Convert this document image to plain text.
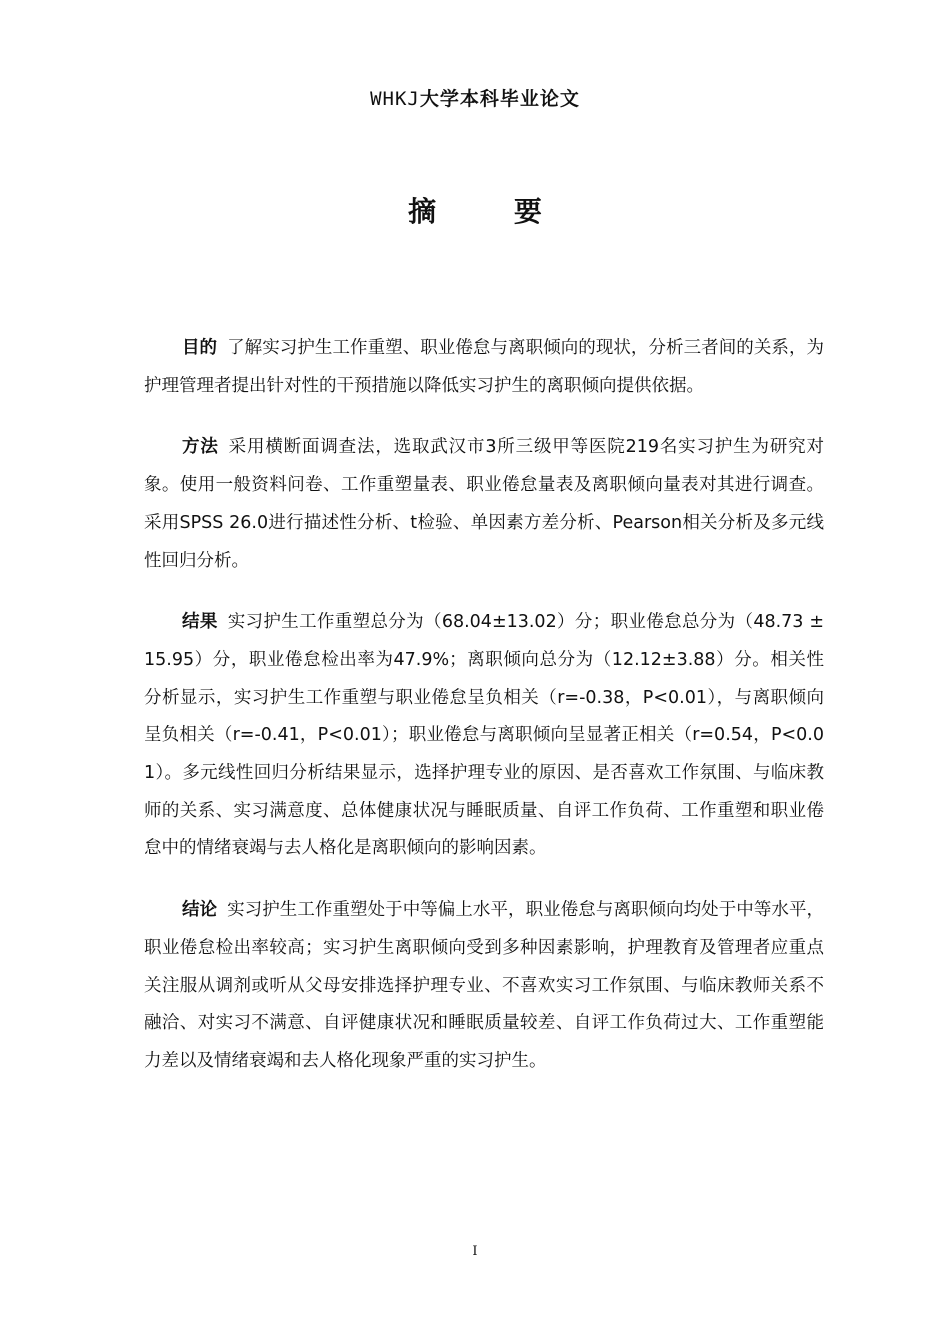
WHKJ大学本科毕业论文
摘 要

目的 了解实习护生工作重塑、职业倦怠与离职倾向的现状，分析三者间的关系，为护理管理者提出针对性的干预措施以降低实习护生的离职倾向提供依据。

方法 采用横断面调查法，选取武汉市3所三级甲等医院219名实习护生为研究对象。使用一般资料问卷、工作重塑量表、职业倦怠量表及离职倾向量表对其进行调查。采用SPSS 26.0进行描述性分析、t检验、单因素方差分析、Pearson相关分析及多元线性回归分析。

结果 实习护生工作重塑总分为（68.04±13.02）分；职业倦怠总分为（48.73 ± 15.95）分，职业倦怠检出率为47.9%；离职倾向总分为（12.12±3.88）分。相关性分析显示，实习护生工作重塑与职业倦怠呈负相关（r=-0.38，P<0.01），与离职倾向呈负相关（r=-0.41，P<0.01）；职业倦怠与离职倾向呈显著正相关（r=0.54，P<0.01）。多元线性回归分析结果显示，选择护理专业的原因、是否喜欢工作氛围、与临床教师的关系、实习满意度、总体健康状况与睡眠质量、自评工作负荷、工作重塑和职业倦怠中的情绪衰竭与去人格化是离职倾向的影响因素。

结论 实习护生工作重塑处于中等偏上水平，职业倦怠与离职倾向均处于中等水平，职业倦怠检出率较高；实习护生离职倾向受到多种因素影响，护理教育及管理者应重点关注服从调剂或听从父母安排选择护理专业、不喜欢实习工作氛围、与临床教师关系不融洽、对实习不满意、自评健康状况和睡眠质量较差、自评工作负荷过大、工作重塑能力差以及情绪衰竭和去人格化现象严重的实习护生。

I
